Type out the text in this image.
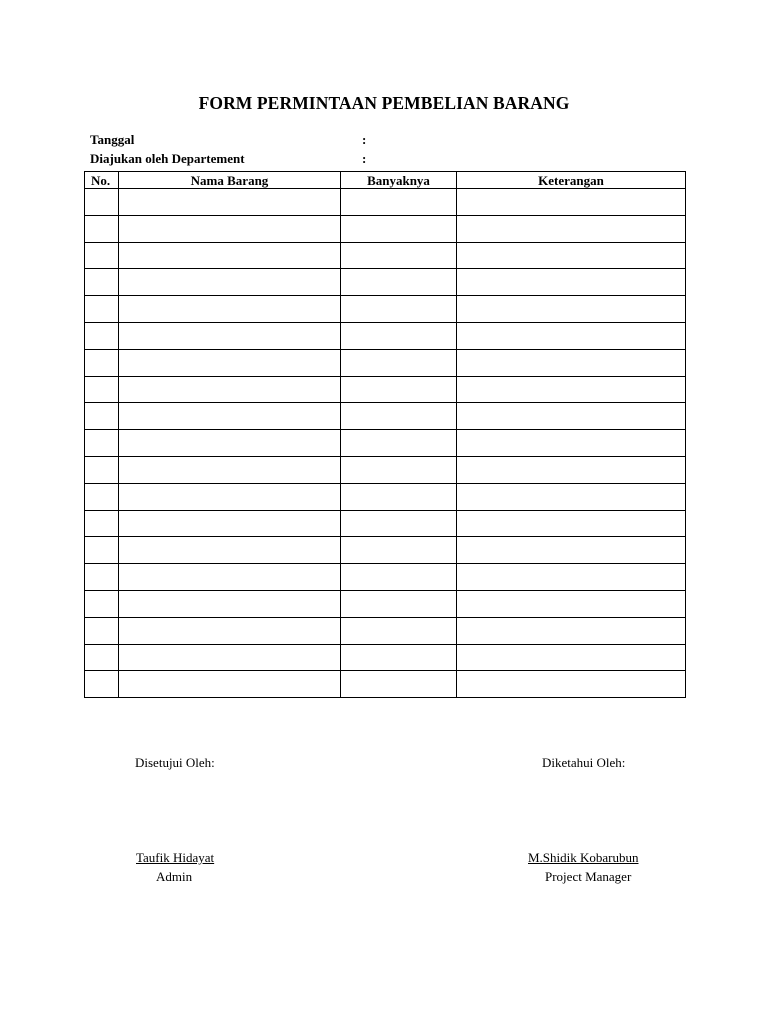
FORM PERMINTAAN PEMBELIAN BARANG
Tanggal	:
Diajukan oleh Departement	:
No.	Nama Barang	Banyaknya	Keterangan

Disetujui Oleh:	Diketahui Oleh:
Taufik Hidayat
Admin
M.Shidik Kobarubun
Project Manager
